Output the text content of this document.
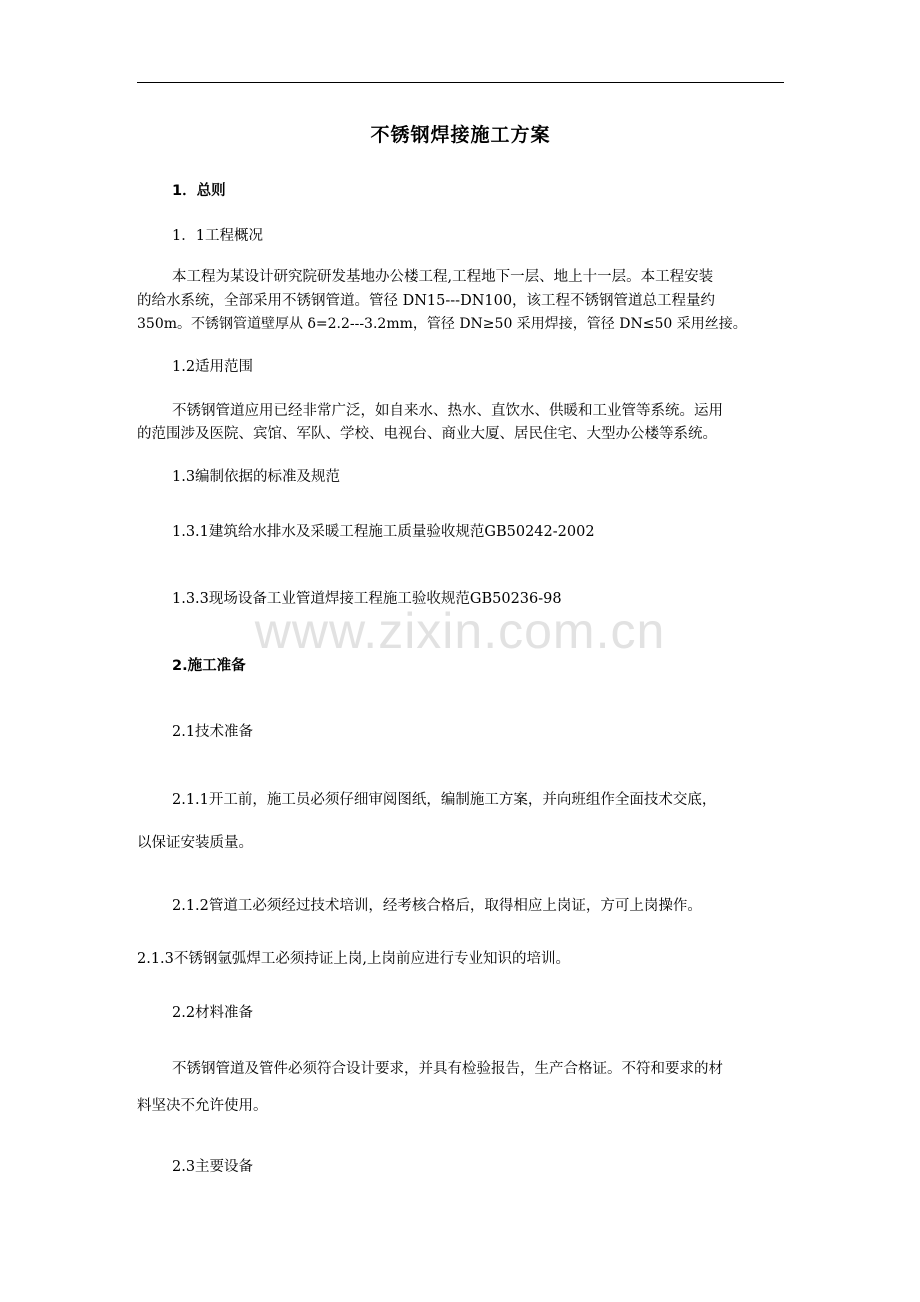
www.zixin.com.cn
不锈钢焊接施工方案
1．总则
1．1工程概况
本工程为某设计研究院研发基地办公楼工程,工程地下一层、地上十一层。本工程安装
的给水系统，全部采用不锈钢管道。管径 DN15---DN100，该工程不锈钢管道总工程量约
350m。不锈钢管道壁厚从 δ=2.2---3.2mm，管径 DN≥50 采用焊接，管径 DN≤50 采用丝接。
1.2适用范围
不锈钢管道应用已经非常广泛，如自来水、热水、直饮水、供暖和工业管等系统。运用
的范围涉及医院、宾馆、军队、学校、电视台、商业大厦、居民住宅、大型办公楼等系统。
1.3编制依据的标准及规范
1.3.1建筑给水排水及采暖工程施工质量验收规范GB50242-2002
1.3.3现场设备工业管道焊接工程施工验收规范GB50236-98
2.施工准备
2.1技术准备
2.1.1开工前，施工员必须仔细审阅图纸，编制施工方案，并向班组作全面技术交底，
以保证安装质量。
2.1.2管道工必须经过技术培训，经考核合格后，取得相应上岗证，方可上岗操作。
2.1.3不锈钢氩弧焊工必须持证上岗,上岗前应进行专业知识的培训。
2.2材料准备
不锈钢管道及管件必须符合设计要求，并具有检验报告，生产合格证。不符和要求的材
料坚决不允许使用。
2.3主要设备
